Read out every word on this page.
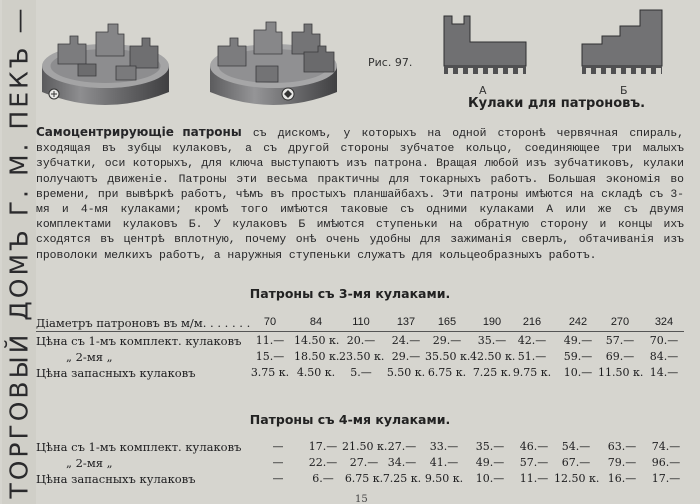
ТОРГОВЫЙ ДОМЪ Г. М. ПЕКЪ —	Рис. 97.
А	Б
Кулаки для патроновъ.
Самоцентрирующіе патроны съ дискомъ, у которыхъ на одной сторонѣ червячная спираль, входящая въ зубцы кулаковъ, а съ другой стороны зубчатое кольцо, соединяющее три малыхъ зубчатки, оси которыхъ, для ключа выступаютъ изъ патрона. Вращая любой изъ зубчатиковъ, кулаки получаютъ движеніе. Патроны эти весьма практичны для токарныхъ работъ. Большая экономія во времени, при вывѣркѣ работъ, чѣмъ въ простыхъ планшайбахъ. Эти патроны имѣются на складѣ съ 3-мя и 4-мя кулаками; кромѣ того имѣются таковые съ одними кулаками А или же съ двумя комплектами кулаковъ Б. У кулаковъ Б имѣются ступеньки на обратную сторону и концы ихъ сходятся въ центрѣ вплотную, почему онѣ очень удобны для зажиманія сверлъ, обтачиванія изъ проволоки мелкихъ работъ, а наружныя ступеньки служатъ для кольцеобразныхъ работъ.
Патроны съ 3-мя кулаками.
Діаметръ патроновъ въ м/м. . . . . . .	70	84	110	137	165	190	216	242	270	324
Цѣна съ 1-мъ комплект. кулаковъ	11.— 14.50 к. 20.—	24.—	29.—	35.—	42.—	49.—	57.—	70.—
„ 2-мя „	15.— 18.50 к. 23.50 к. 29.— 35.50 к. 42.50 к. 51.—	59.—	69.—	84.—
Цѣна запасныхъ кулаковъ	3.75 к. 4.50 к.	5.—	5.50 к. 6.75 к. 7.25 к. 9.75 к.	10.— 11.50 к. 14.—
Патроны съ 4-мя кулаками.
Цѣна съ 1-мъ комплект. кулаковъ	—	17.— 21.50 к. 27.—	33.—	35.—	46.—	54.—	63.—	74.—
„ 2-мя „	—	22.—	27.— 34.—	41.—	49.—	57.—	67.—	79.—	96.—
Цѣна запасныхъ кулаковъ	—	6.—	6.75 к. 7.25 к. 9.50 к.	10.—	11.— 12.50 к. 16.—	17.—
15
